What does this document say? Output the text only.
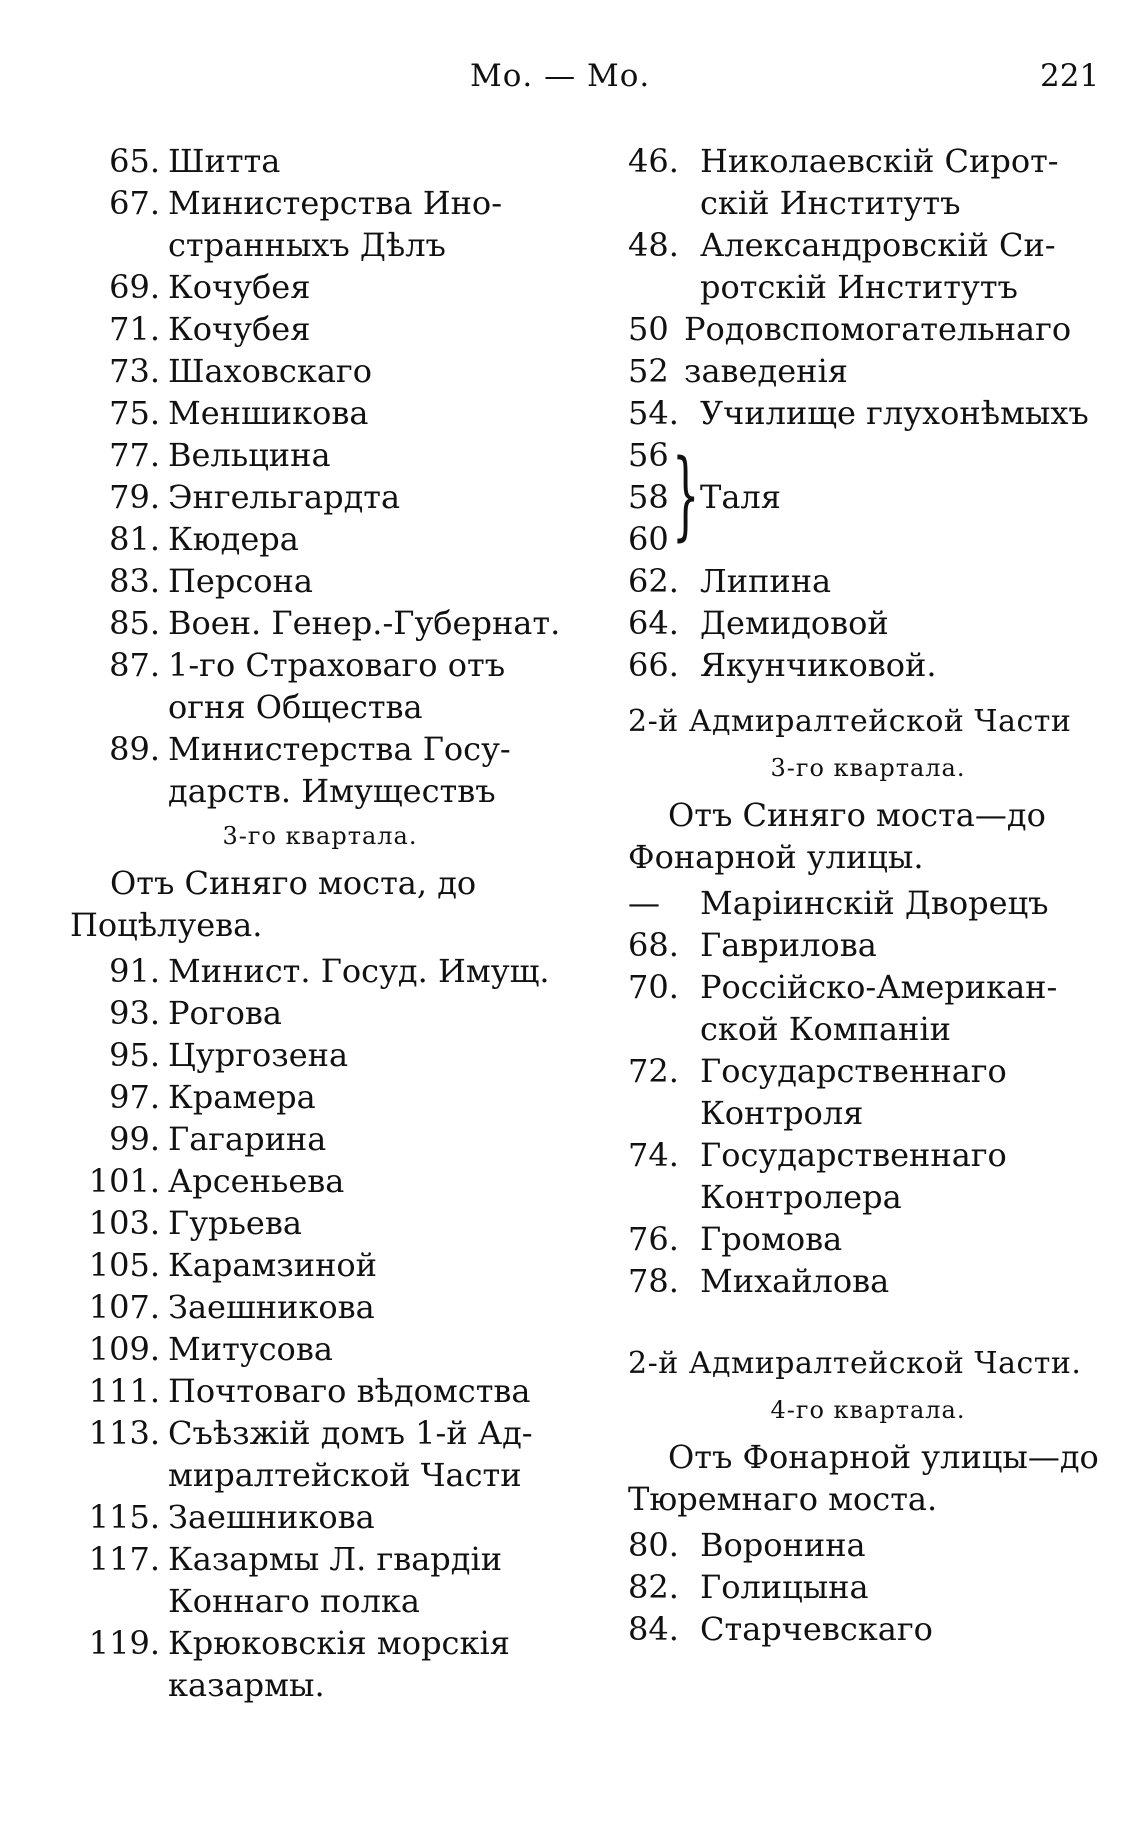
Мо. — Мо.	221
65. Шитта
67. Министерства Ино-
странныхъ Дѣлъ
69. Кочубея
71. Кочубея
73. Шаховскаго
75. Меншикова
77. Вельцина
79. Энгельгардта
81. Кюдера
83. Персона
85. Воен. Генер.-Губернат.
87. 1-го Страховаго отъ
огня Общества
89. Министерства Госу-
дарств. Имуществъ
3-го квартала.
Отъ Синяго моста, до Поцѣлуева.
91. Минист. Госуд. Имущ.
93. Рогова
95. Цургозена
97. Крамера
99. Гагарина
101. Арсеньева
103. Гурьева
105. Карамзиной
107. Заешникова
109. Митусова
111. Почтоваго вѣдомства
113. Съѣзжій домъ 1-й Ад-
миралтейской Части
115. Заешникова
117. Казармы Л. гвардіи
Коннаго полка
119. Крюковскія морскія
казармы.
46. Николаевскій Сирот-
скій Институтъ
48. Александровскій Си-
ротскій Институтъ
50
52
Родовспомогательнаго
заведенія
54. Училище глухонѣмыхъ
56
58
60 } Таля
62. Липина
64. Демидовой
66. Якунчиковой.
2-й Адмиралтейской Части
3-го квартала.
Отъ Синяго моста—до Фонарной улицы.
—	Маріинскій Дворецъ
68. Гаврилова
70. Россійско-Американ-
ской Компаніи
72. Государственнаго
Контроля
74. Государственнаго
Контролера
76. Громова
78. Михайлова
2-й Адмиралтейской Части.
4-го квартала.
Отъ Фонарной улицы—до Тюремнаго моста.
80. Воронина
82. Голицына
84. Старчевскаго
